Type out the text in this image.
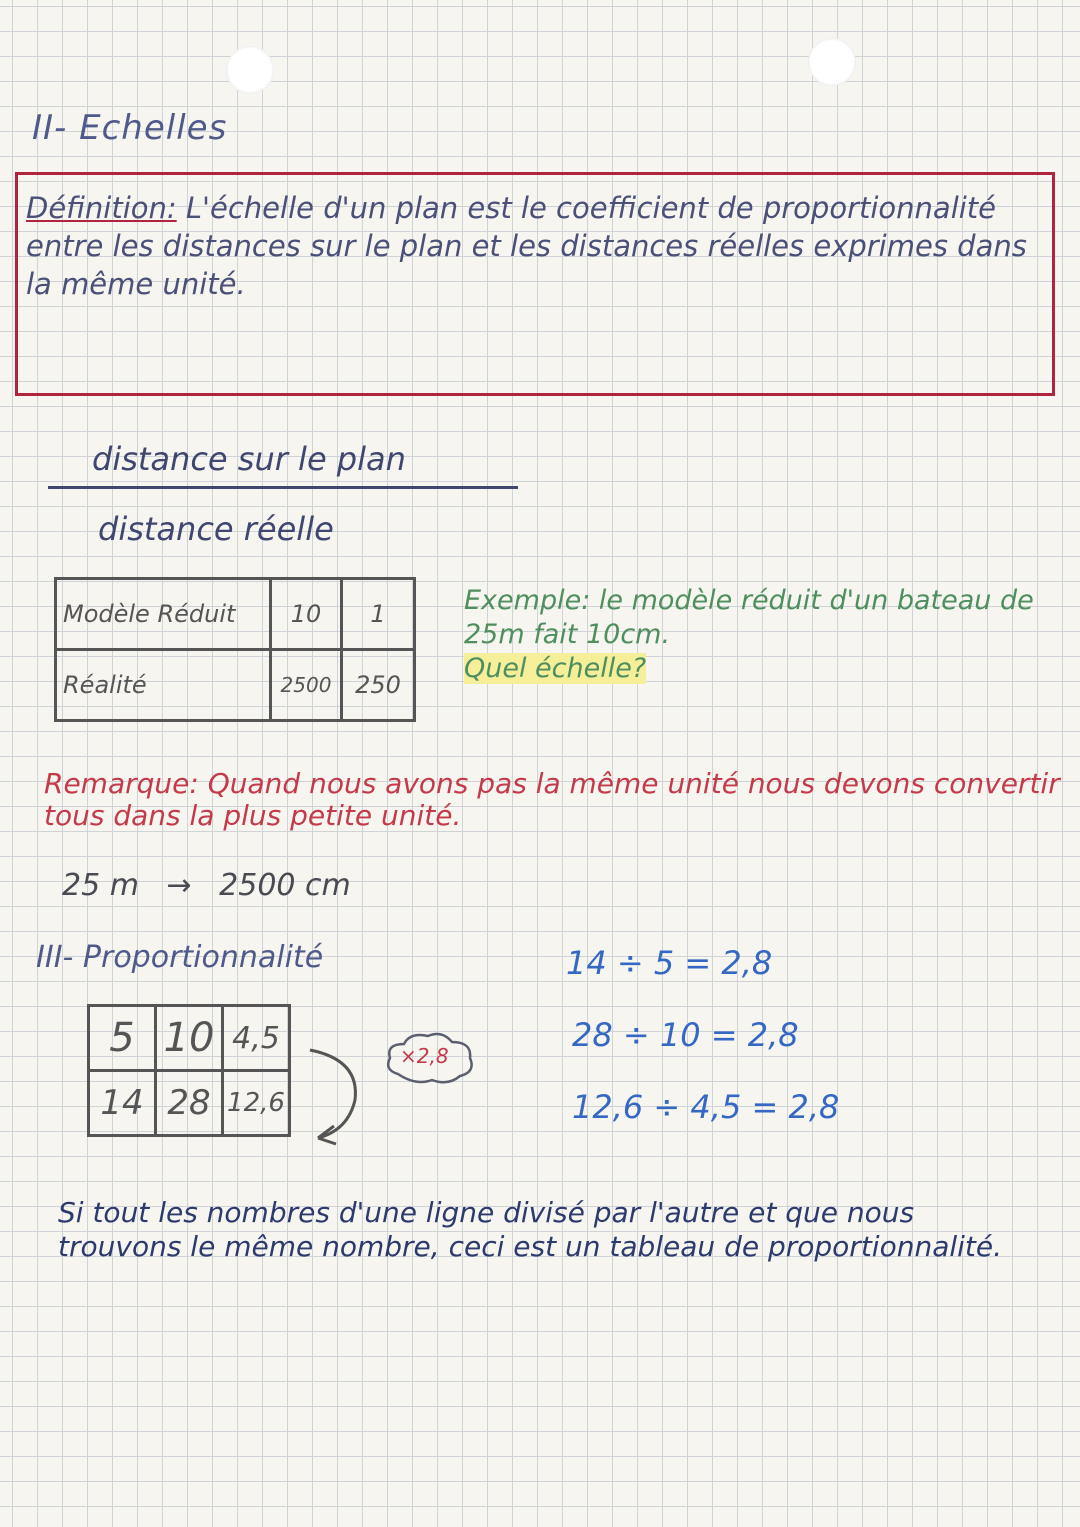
II- Echelles
Définition: L'échelle d'un plan est le coefficient de proportionnalité entre les distances sur le plan et les distances réelles exprimes dans la même unité.
distance sur le plan
distance réelle
Modèle Réduit	10	1
Réalité	2500	250
Exemple: le modèle réduit d'un bateau de 25m fait 10cm.
Quel échelle?
Remarque: Quand nous avons pas la même unité nous devons convertir tous dans la plus petite unité.
25 m → 2500 cm
III- Proportionnalité
5	10	4,5
14	28	12,6
×2,8
14 ÷ 5 = 2,8
28 ÷ 10 = 2,8
12,6 ÷ 4,5 = 2,8
Si tout les nombres d'une ligne divisé par l'autre et que nous trouvons le même nombre, ceci est un tableau de proportionnalité.
